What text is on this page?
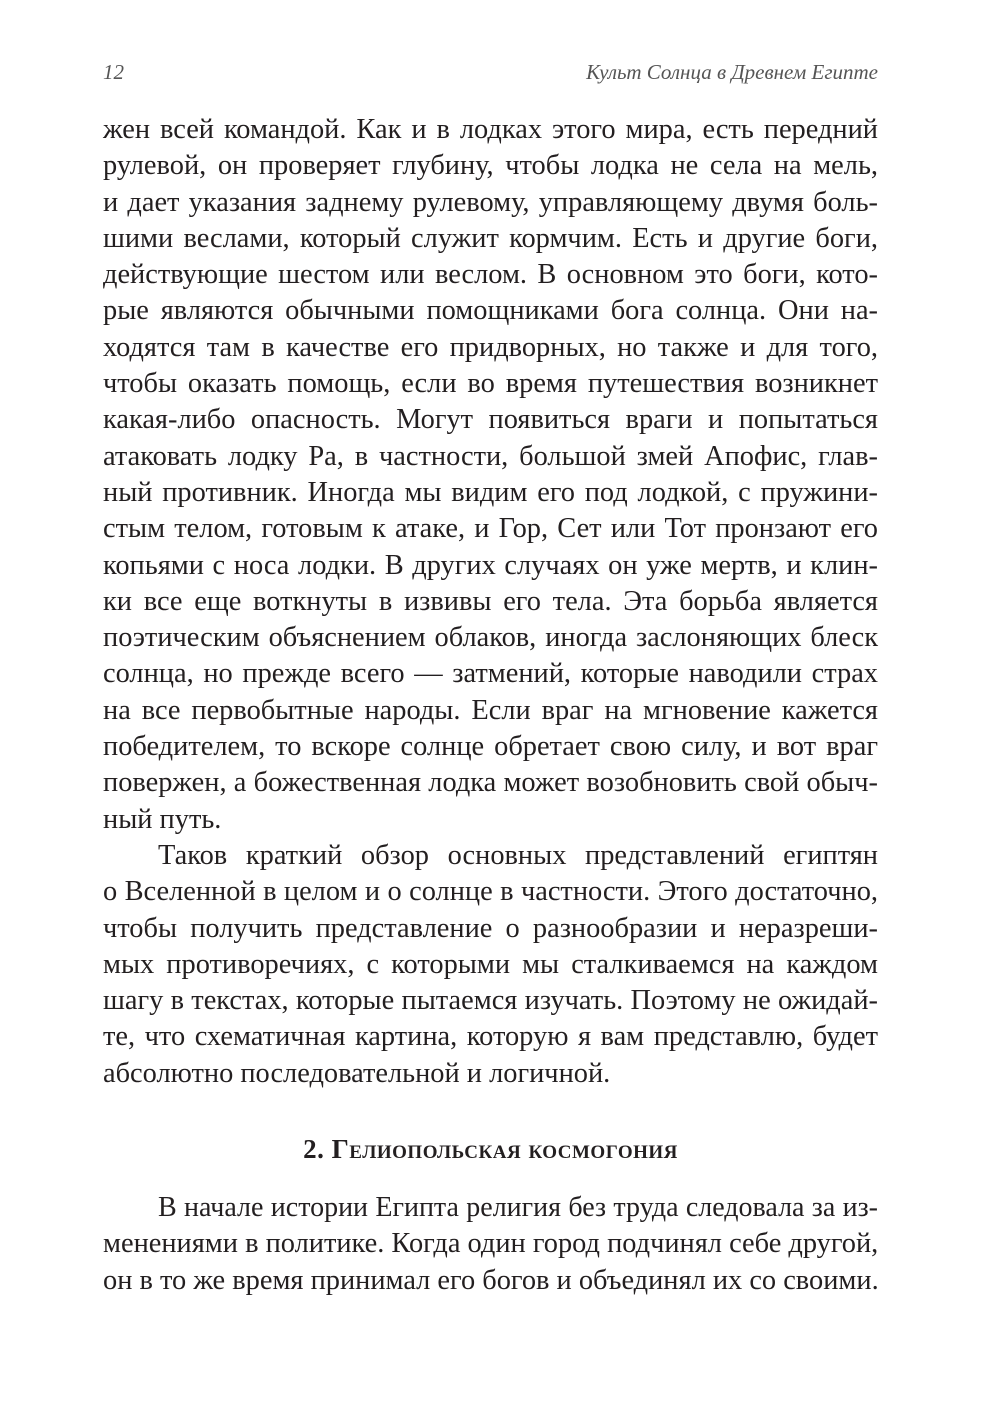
12	Культ Солнца в Древнем Египте
жен всей командой. Как и в лодках этого мира, есть передний
рулевой, он проверяет глубину, чтобы лодка не села на мель,
и дает указания заднему рулевому, управляющему двумя боль-
шими веслами, который служит кормчим. Есть и другие боги,
действующие шестом или веслом. В основном это боги, кото-
рые являются обычными помощниками бога солнца. Они на-
ходятся там в качестве его придворных, но также и для того,
чтобы оказать помощь, если во время путешествия возникнет
какая-либо опасность. Могут появиться враги и попытаться
атаковать лодку Ра, в частности, большой змей Апофис, глав-
ный противник. Иногда мы видим его под лодкой, с пружини-
стым телом, готовым к атаке, и Гор, Сет или Тот пронзают его
копьями с носа лодки. В других случаях он уже мертв, и клин-
ки все еще воткнуты в извивы его тела. Эта борьба является
поэтическим объяснением облаков, иногда заслоняющих блеск
солнца, но прежде всего — затмений, которые наводили страх
на все первобытные народы. Если враг на мгновение кажется
победителем, то вскоре солнце обретает свою силу, и вот враг
повержен, а божественная лодка может возобновить свой обыч-
ный путь.
Таков краткий обзор основных представлений египтян
о Вселенной в целом и о солнце в частности. Этого достаточно,
чтобы получить представление о разнообразии и неразреши-
мых противоречиях, с которыми мы сталкиваемся на каждом
шагу в текстах, которые пытаемся изучать. Поэтому не ожидай-
те, что схематичная картина, которую я вам представлю, будет
абсолютно последовательной и логичной.
2. Гелиопольская космогония
В начале истории Египта религия без труда следовала за из-
менениями в политике. Когда один город подчинял себе другой,
он в то же время принимал его богов и объединял их со своими.
